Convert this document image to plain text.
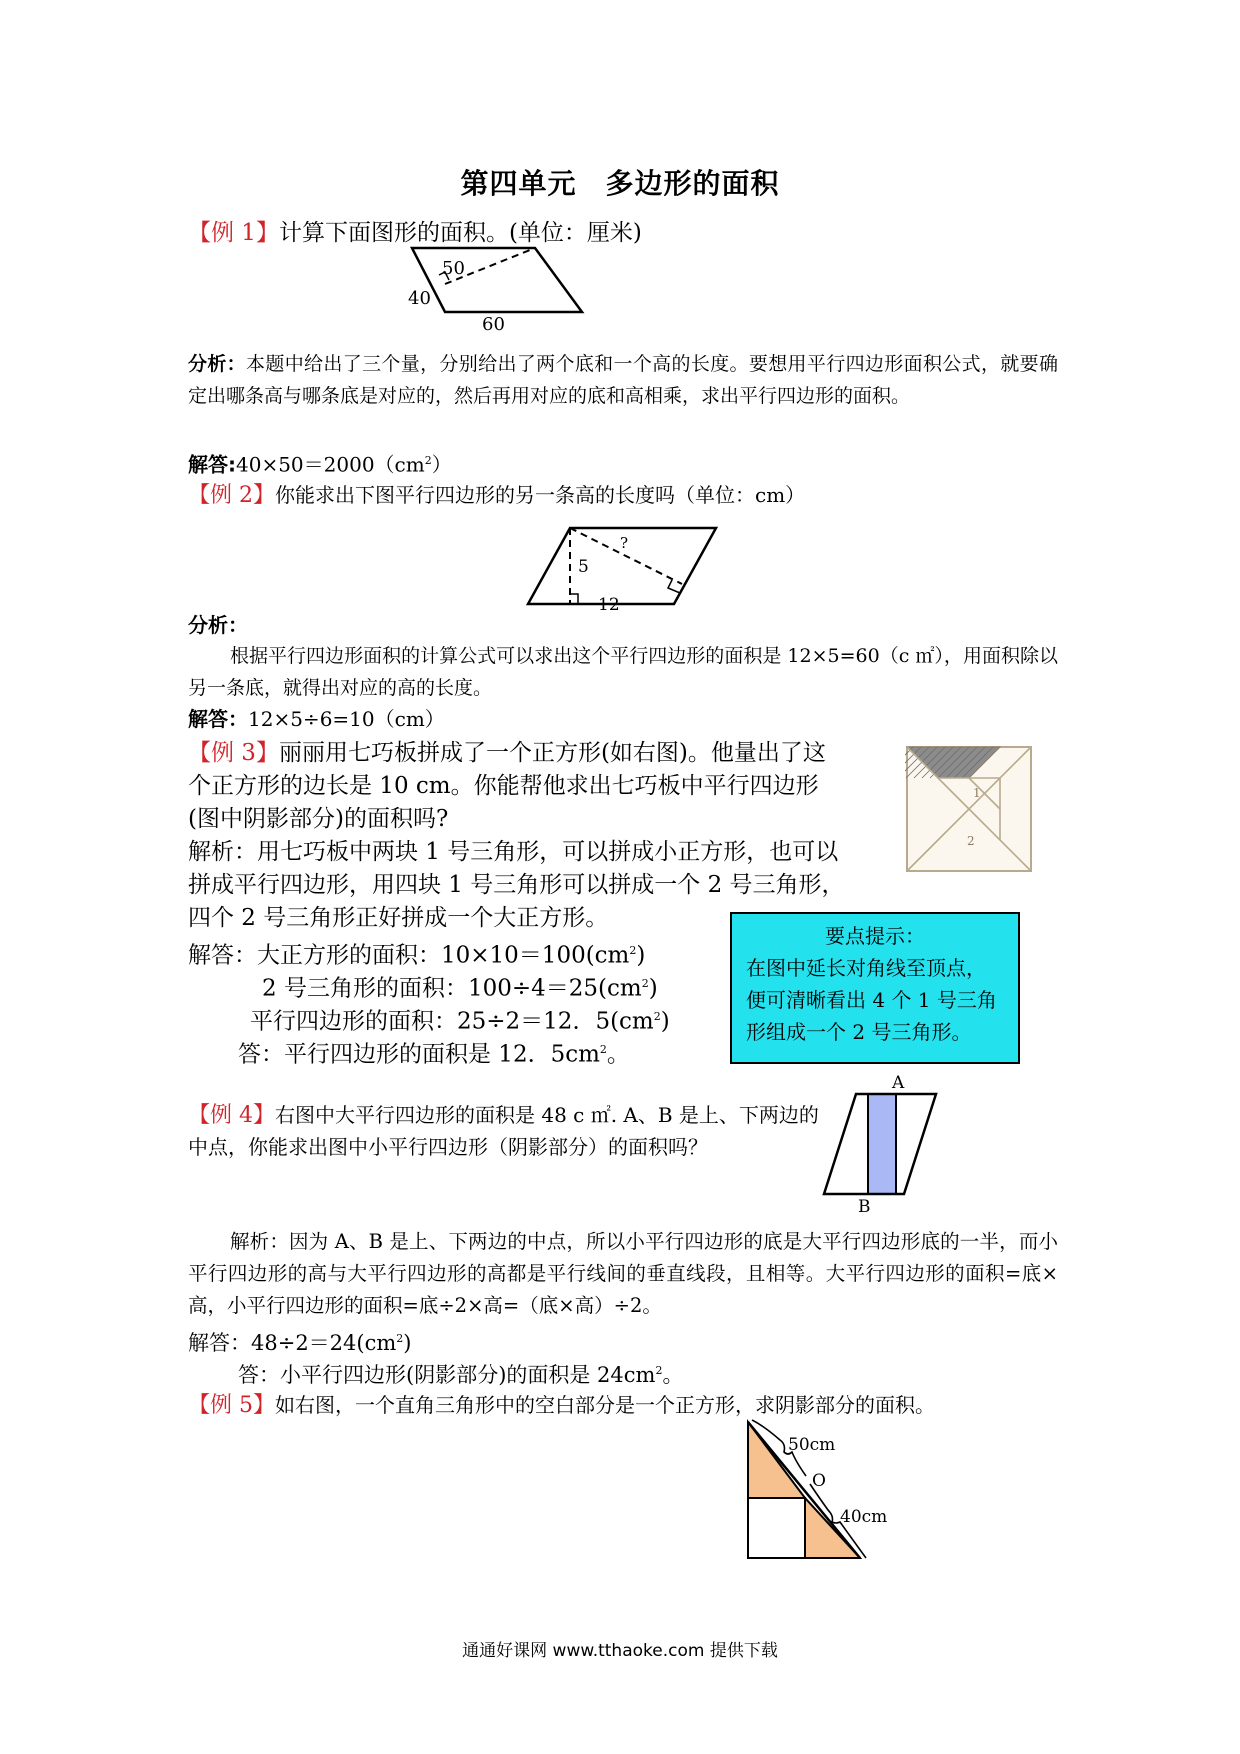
第四单元　多边形的面积
【例 1】计算下面图形的面积。(单位：厘米)
50
40
60
分析：本题中给出了三个量，分别给出了两个底和一个高的长度。要想用平行四边形面积公式，就要确定出哪条高与哪条底是对应的，然后再用对应的底和高相乘，求出平行四边形的面积。
解答$:40\times 50=2000(cm^2)$
【例 2】你能求出下图平行四边形的另一条高的长度吗（单位：cm）
5
?
12
分析：
根据平行四边形面积的计算公式可以求出这个平行四边形的面积是 12×5=60（c ㎡），用面积除以另一条底，就得出对应的高的长度。
解答：12×5÷6=10（cm）
【例 3】丽丽用七巧板拼成了一个正方形(如右图)。他量出了这
个正方形的边长是 10 cm。你能帮他求出七巧板中平行四边形
(图中阴影部分)的面积吗?
解析：用七巧板中两块 1 号三角形，可以拼成小正方形，也可以
拼成平行四边形，用四块 1 号三角形可以拼成一个 2 号三角形，
四个 2 号三角形正好拼成一个大正方形。
解答：大正方形的面积：$10\times 10=100(cm^2)$
2 号三角形的面积：$100\div 4=25(cm^2)$
平行四边形的面积：25÷2＝12．$5(cm^2)$
答：平行四边形的面积是 12．$5cm^2$。
1
2
要点提示：
在图中延长对角线至顶点，
便可清晰看出 4 个 1 号三角
形组成一个 2 号三角形。
【例 4】右图中大平行四边形的面积是 48 c ㎡. A、B 是上、下两边的
中点，你能求出图中小平行四边形（阴影部分）的面积吗？
A
B
解析：因为 A、B 是上、下两边的中点，所以小平行四边形的底是大平行四边形底的一半，而小平行四边形的高与大平行四边形的高都是平行线间的垂直线段，且相等。大平行四边形的面积=底×高，小平行四边形的面积=底÷2×高=（底×高）÷2。
解答：$48\div 2=24(cm^2)$
答：小平行四边形(阴影部分)的面积是 $24cm^2$。
【例 5】如右图，一个直角三角形中的空白部分是一个正方形，求阴影部分的面积。
50cm
O
40cm
通通好课网 www.tthaoke.com 提供下载
